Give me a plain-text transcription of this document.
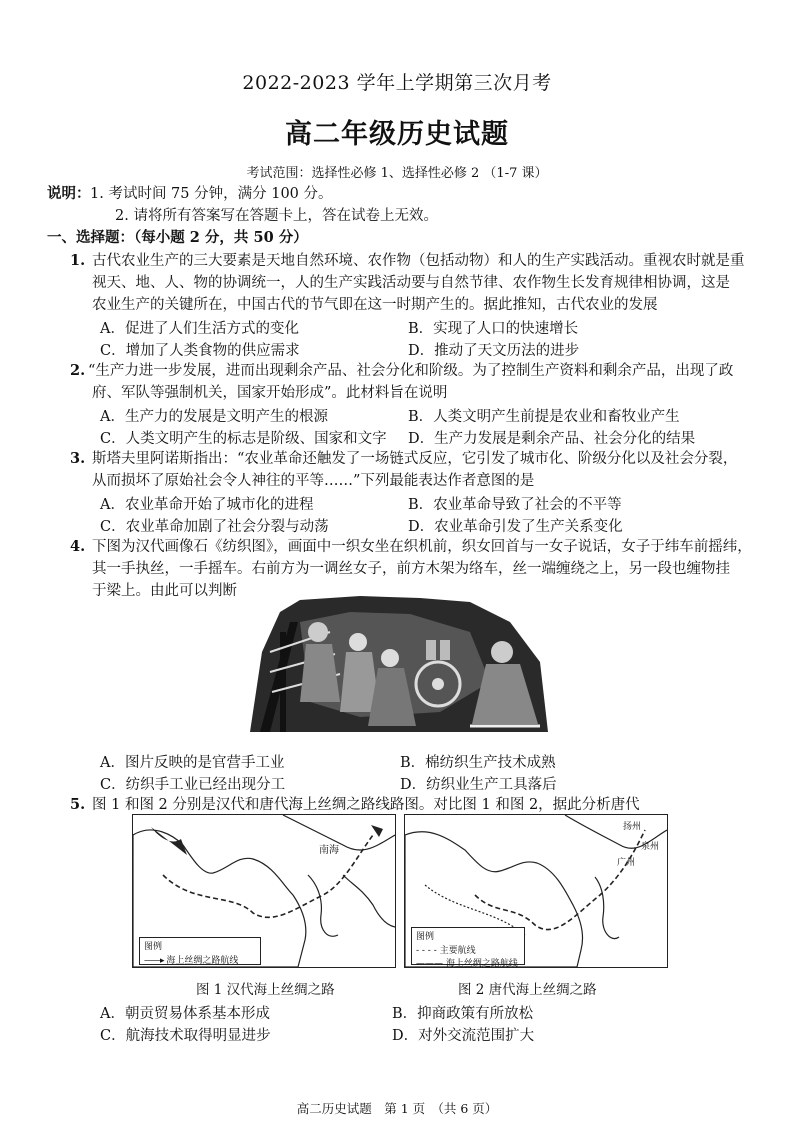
2022-2023 学年上学期第三次月考
高二年级历史试题
考试范围：选择性必修 1、选择性必修 2 （1-7 课）
说明： 1. 考试时间 75 分钟，满分 100 分。
2. 请将所有答案写在答题卡上，答在试卷上无效。
一、选择题：（每小题 2 分，共 50 分）
1. 古代农业生产的三大要素是天地自然环境、农作物（包括动物）和人的生产实践活动。重视农时就是重
视天、地、人、物的协调统一，人的生产实践活动要与自然节律、农作物生长发育规律相协调，这是
农业生产的关键所在，中国古代的节气即在这一时期产生的。据此推知，古代农业的发展
A．促进了人们生活方式的变化	B．实现了人口的快速增长
C．增加了人类食物的供应需求	D．推动了天文历法的进步
2. “生产力进一步发展，进而出现剩余产品、社会分化和阶级。为了控制生产资料和剩余产品，出现了政
府、军队等强制机关，国家开始形成”。此材料旨在说明
A．生产力的发展是文明产生的根源	B．人类文明产生前提是农业和畜牧业产生
C．人类文明产生的标志是阶级、国家和文字 D．生产力发展是剩余产品、社会分化的结果
3. 斯塔夫里阿诺斯指出：“农业革命还触发了一场链式反应，它引发了城市化、阶级分化以及社会分裂，
从而损坏了原始社会令人神往的平等……”下列最能表达作者意图的是
A．农业革命开始了城市化的进程	B．农业革命导致了社会的不平等
C．农业革命加剧了社会分裂与动荡	D．农业革命引发了生产关系变化
4. 下图为汉代画像石《纺织图》，画面中一织女坐在织机前，织女回首与一女子说话，女子于纬车前摇纬，
其一手执丝，一手摇车。右前方为一调丝女子，前方木架为络车，丝一端缠绕之上，另一段也缠物挂
于梁上。由此可以判断
A．图片反映的是官营手工业	B．棉纺织生产技术成熟
C．纺织手工业已经出现分工	D．纺织业生产工具落后
5. 图 1 和图 2 分别是汉代和唐代海上丝绸之路线路图。对比图 1 和图 2，据此分析唐代
南海
图例
——▸ 海上丝绸之路航线
图 1 汉代海上丝绸之路
扬州
泉州
广州
图例
- - - - 主要航线
——— 海上丝绸之路航线
图 2 唐代海上丝绸之路
A．朝贡贸易体系基本形成	B．抑商政策有所放松
C．航海技术取得明显进步	D．对外交流范围扩大
高二历史试题　第 1 页　（共 6 页）
